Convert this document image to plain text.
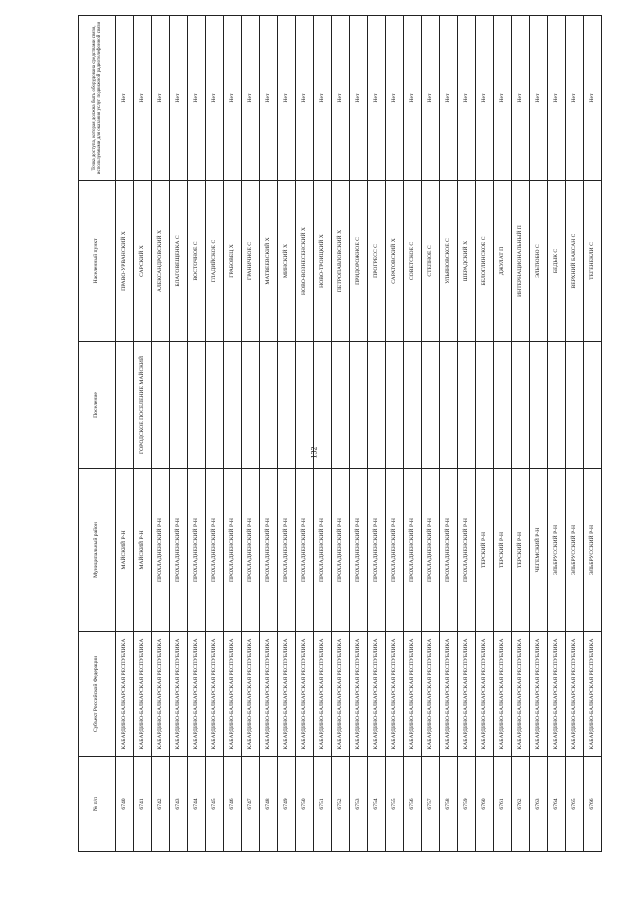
132
№ п/п	Субъект Российской Федерации	Муниципальный район	Поселение	Населенный пункт	Точка доступа, которая должна быть оборудована средствами связи, используемыми для оказания услуг подвижной радиотелефонной связи
6740	КАБАРДИНО-БАЛКАРСКАЯ РЕСПУБЛИКА	МАЙСКИЙ Р-Н		ПРАВО-УРВАНСКИЙ Х	Нет
6741	КАБАРДИНО-БАЛКАРСКАЯ РЕСПУБЛИКА	МАЙСКИЙ Р-Н	ГОРОДСКОЕ ПОСЕЛЕНИЕ МАЙСКИЙ	САРСКИЙ Х	Нет
6742	КАБАРДИНО-БАЛКАРСКАЯ РЕСПУБЛИКА	ПРОХЛАДНЕНСКИЙ Р-Н		АЛЕКСАНДРОВСКИЙ Х	Нет
6743	КАБАРДИНО-БАЛКАРСКАЯ РЕСПУБЛИКА	ПРОХЛАДНЕНСКИЙ Р-Н		БЛАГОВЕЩЕНКА С	Нет
6744	КАБАРДИНО-БАЛКАРСКАЯ РЕСПУБЛИКА	ПРОХЛАДНЕНСКИЙ Р-Н		ВОСТОЧНОЕ С	Нет
6745	КАБАРДИНО-БАЛКАРСКАЯ РЕСПУБЛИКА	ПРОХЛАДНЕНСКИЙ Р-Н		ГЛАДИЙСКОЕ С	Нет
6746	КАБАРДИНО-БАЛКАРСКАЯ РЕСПУБЛИКА	ПРОХЛАДНЕНСКИЙ Р-Н		ГРАБОВЕЦ Х	Нет
6747	КАБАРДИНО-БАЛКАРСКАЯ РЕСПУБЛИКА	ПРОХЛАДНЕНСКИЙ Р-Н		ГРАНИЧНОЕ С	Нет
6748	КАБАРДИНО-БАЛКАРСКАЯ РЕСПУБЛИКА	ПРОХЛАДНЕНСКИЙ Р-Н		МАТВЕЕВСКИЙ Х	Нет
6749	КАБАРДИНО-БАЛКАРСКАЯ РЕСПУБЛИКА	ПРОХЛАДНЕНСКИЙ Р-Н		МИНСКИЙ Х	Нет
6750	КАБАРДИНО-БАЛКАРСКАЯ РЕСПУБЛИКА	ПРОХЛАДНЕНСКИЙ Р-Н		НОВО-ВОЗНЕСЕНСКИЙ Х	Нет
6751	КАБАРДИНО-БАЛКАРСКАЯ РЕСПУБЛИКА	ПРОХЛАДНЕНСКИЙ Р-Н		НОВО-ТРОИЦКИЙ Х	Нет
6752	КАБАРДИНО-БАЛКАРСКАЯ РЕСПУБЛИКА	ПРОХЛАДНЕНСКИЙ Р-Н		ПЕТРОПАВЛОВСКИЙ Х	Нет
6753	КАБАРДИНО-БАЛКАРСКАЯ РЕСПУБЛИКА	ПРОХЛАДНЕНСКИЙ Р-Н		ПРИДОРОЖНОЕ С	Нет
6754	КАБАРДИНО-БАЛКАРСКАЯ РЕСПУБЛИКА	ПРОХЛАДНЕНСКИЙ Р-Н		ПРОГРЕСС С	Нет
6755	КАБАРДИНО-БАЛКАРСКАЯ РЕСПУБЛИКА	ПРОХЛАДНЕНСКИЙ Р-Н		САРАТОВСКИЙ Х	Нет
6756	КАБАРДИНО-БАЛКАРСКАЯ РЕСПУБЛИКА	ПРОХЛАДНЕНСКИЙ Р-Н		СОВЕТСКОЕ С	Нет
6757	КАБАРДИНО-БАЛКАРСКАЯ РЕСПУБЛИКА	ПРОХЛАДНЕНСКИЙ Р-Н		СТЕПНОЕ С	Нет
6758	КАБАРДИНО-БАЛКАРСКАЯ РЕСПУБЛИКА	ПРОХЛАДНЕНСКИЙ Р-Н		УЛЬЯНОВСКОЕ С	Нет
6759	КАБАРДИНО-БАЛКАРСКАЯ РЕСПУБЛИКА	ПРОХЛАДНЕНСКИЙ Р-Н		ШЕРАДСКИЙ Х	Нет
6760	КАБАРДИНО-БАЛКАРСКАЯ РЕСПУБЛИКА	ТЕРСКИЙ Р-Н		БЕЛОГЛИНСКОЕ С	Нет
6761	КАБАРДИНО-БАЛКАРСКАЯ РЕСПУБЛИКА	ТЕРСКИЙ Р-Н		ДЖУЛАТ П	Нет
6762	КАБАРДИНО-БАЛКАРСКАЯ РЕСПУБЛИКА	ТЕРСКИЙ Р-Н		ИНТЕРНАЦИОНАЛЬНЫЙ П	Нет
6763	КАБАРДИНО-БАЛКАРСКАЯ РЕСПУБЛИКА	ЧЕГЕМСКИЙ Р-Н		ЭЛЬТЮБЮ С	Нет
6764	КАБАРДИНО-БАЛКАРСКАЯ РЕСПУБЛИКА	ЭЛЬБРУССКИЙ Р-Н		БЕДЫК С	Нет
6765	КАБАРДИНО-БАЛКАРСКАЯ РЕСПУБЛИКА	ЭЛЬБРУССКИЙ Р-Н		ВЕРХНИЙ БАКСАН С	Нет
6766	КАБАРДИНО-БАЛКАРСКАЯ РЕСПУБЛИКА	ЭЛЬБРУССКИЙ Р-Н		ТЕГЕНЕКЛИ С	Нет
